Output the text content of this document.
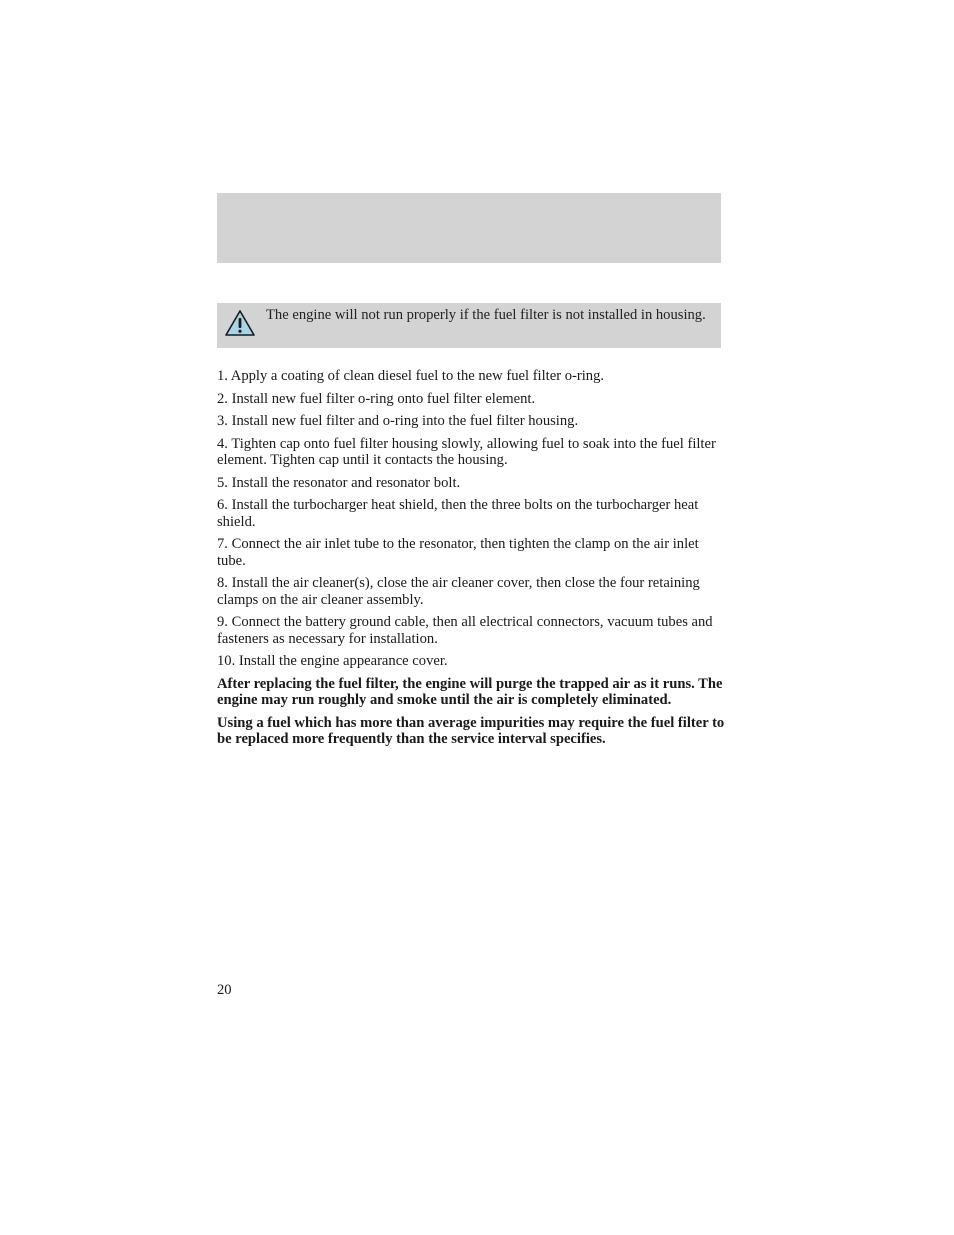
The engine will not run properly if the fuel filter is not installed in housing.
1. Apply a coating of clean diesel fuel to the new fuel filter o-ring.
2. Install new fuel filter o-ring onto fuel filter element.
3. Install new fuel filter and o-ring into the fuel filter housing.
4. Tighten cap onto fuel filter housing slowly, allowing fuel to soak into the fuel filter element. Tighten cap until it contacts the housing.
5. Install the resonator and resonator bolt.
6. Install the turbocharger heat shield, then the three bolts on the turbocharger heat shield.
7. Connect the air inlet tube to the resonator, then tighten the clamp on the air inlet tube.
8. Install the air cleaner(s), close the air cleaner cover, then close the four retaining clamps on the air cleaner assembly.
9. Connect the battery ground cable, then all electrical connectors, vacuum tubes and fasteners as necessary for installation.
10. Install the engine appearance cover.
After replacing the fuel filter, the engine will purge the trapped air as it runs. The engine may run roughly and smoke until the air is completely eliminated.
Using a fuel which has more than average impurities may require the fuel filter to be replaced more frequently than the service interval specifies.
20
